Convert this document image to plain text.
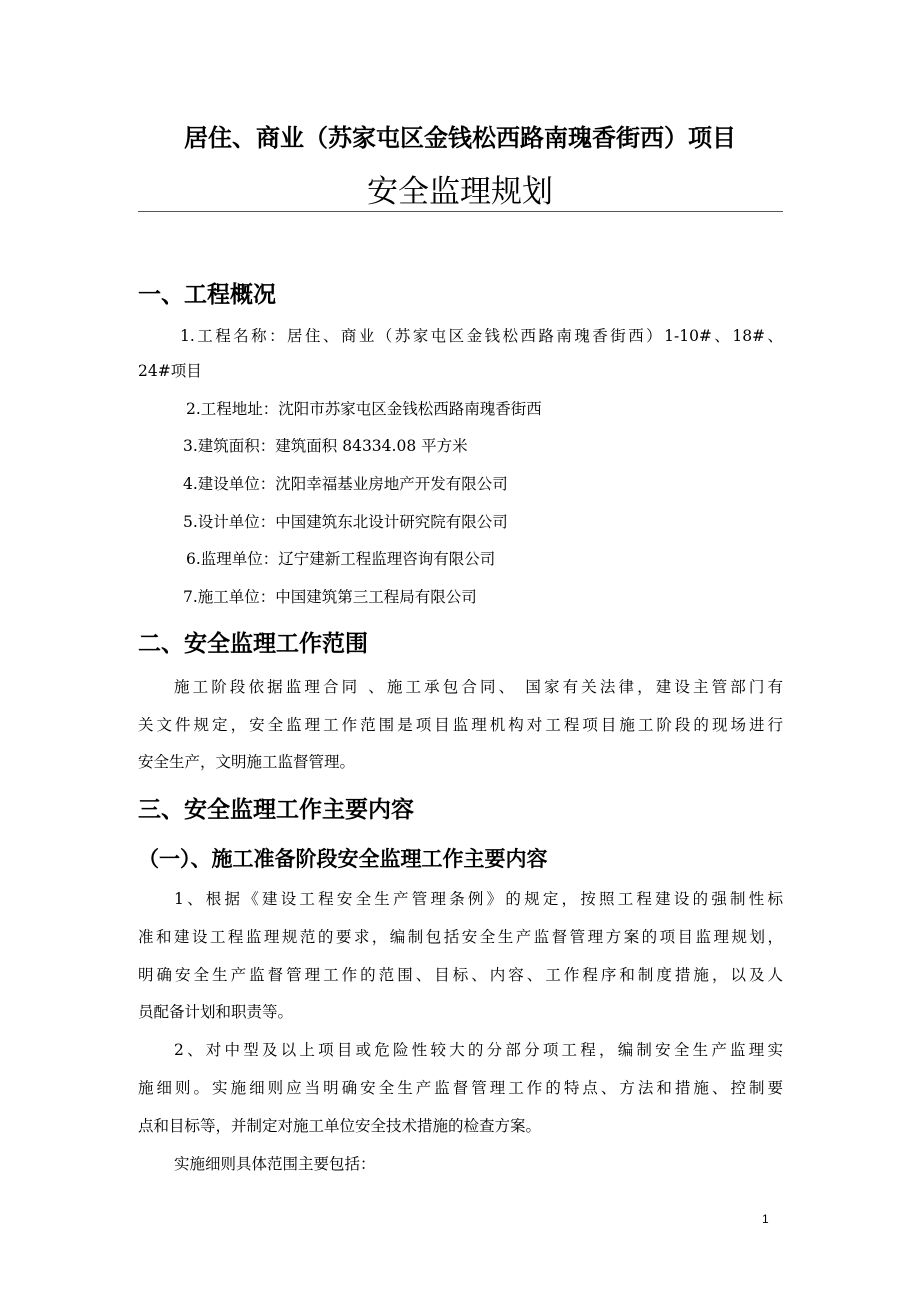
居住、商业（苏家屯区金钱松西路南瑰香街西）项目
安全监理规划
一、工程概况
1.工程名称：居住、商业（苏家屯区金钱松西路南瑰香街西）1-10#、18#、
24#项目
2.工程地址：沈阳市苏家屯区金钱松西路南瑰香街西
3.建筑面积：建筑面积 84334.08 平方米
4.建设单位：沈阳幸福基业房地产开发有限公司
5.设计单位：中国建筑东北设计研究院有限公司
6.监理单位：辽宁建新工程监理咨询有限公司
7.施工单位：中国建筑第三工程局有限公司
二、安全监理工作范围
施工阶段依据监理合同 、施工承包合同、 国家有关法律，建设主管部门有
关文件规定，安全监理工作范围是项目监理机构对工程项目施工阶段的现场进行
安全生产，文明施工监督管理。
三、安全监理工作主要内容
（一）、施工准备阶段安全监理工作主要内容
1、根据《建设工程安全生产管理条例》的规定，按照工程建设的强制性标
准和建设工程监理规范的要求，编制包括安全生产监督管理方案的项目监理规划，
明确安全生产监督管理工作的范围、目标、内容、工作程序和制度措施，以及人
员配备计划和职责等。
2、对中型及以上项目或危险性较大的分部分项工程，编制安全生产监理实
施细则。实施细则应当明确安全生产监督管理工作的特点、方法和措施、控制要
点和目标等，并制定对施工单位安全技术措施的检查方案。
实施细则具体范围主要包括：
1
